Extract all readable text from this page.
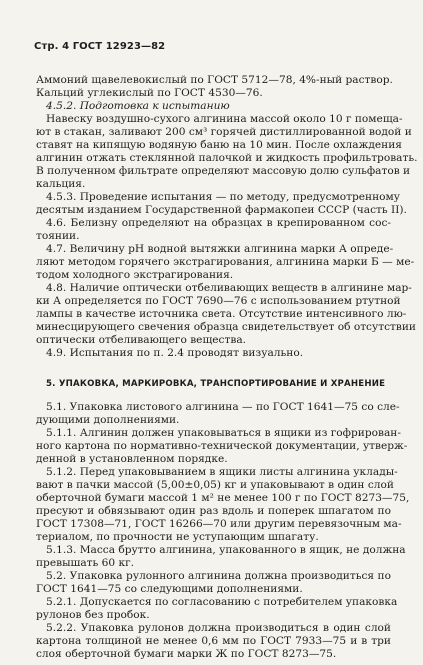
Стр. 4 ГОСТ 12923—82
Аммоний щавелевокислый по ГОСТ 5712—78, 4%-ный раствор.
Кальций углекислый по ГОСТ 4530—76.
4.5.2. Подготовка к испытанию
Навеску воздушно-сухого алгинина массой около 10 г помеща-
ют в стакан, заливают 200 см³ горячей дистиллированной водой и
ставят на кипящую водяную баню на 10 мин. После охлаждения
алгинин отжать стеклянной палочкой и жидкость профильтровать.
В полученном фильтрате определяют массовую долю сульфатов и
кальция.
4.5.3. Проведение испытания — по методу, предусмотренному
десятым изданием Государственной фармакопеи СССР (часть II).
4.6. Белизну определяют на образцах в крепированном сос-
тоянии.
4.7. Величину pH водной вытяжки алгинина марки А опреде-
ляют методом горячего экстрагирования, алгинина марки Б — ме-
тодом холодного экстрагирования.
4.8. Наличие оптически отбеливающих веществ в алгинине мар-
ки А определяется по ГОСТ 7690—76 с использованием ртутной
лампы в качестве источника света. Отсутствие интенсивного лю-
минесцирующего свечения образца свидетельствует об отсутствии
оптически отбеливающего вещества.
4.9. Испытания по п. 2.4 проводят визуально.
5. УПАКОВКА, МАРКИРОВКА, ТРАНСПОРТИРОВАНИЕ И ХРАНЕНИЕ
5.1. Упаковка листового алгинина — по ГОСТ 1641—75 со сле-
дующими дополнениями.
5.1.1. Алгинин должен упаковываться в ящики из гофрирован-
ного картона по нормативно-технической документации, утверж-
денной в установленном порядке.
5.1.2. Перед упаковыванием в ящики листы алгинина уклады-
вают в пачки массой (5,00±0,05) кг и упаковывают в один слой
оберточной бумаги массой 1 м² не менее 100 г по ГОСТ 8273—75,
пресуют и обвязывают один раз вдоль и поперек шпагатом по
ГОСТ 17308—71, ГОСТ 16266—70 или другим перевязочным ма-
териалом, по прочности не уступающим шпагату.
5.1.3. Масса брутто алгинина, упакованного в ящик, не должна
превышать 60 кг.
5.2. Упаковка рулонного алгинина должна производиться по
ГОСТ 1641—75 со следующими дополнениями.
5.2.1. Допускается по согласованию с потребителем упаковка
рулонов без пробок.
5.2.2. Упаковка рулонов должна производиться в один слой
картона толщиной не менее 0,6 мм по ГОСТ 7933—75 и в три
слоя оберточной бумаги марки Ж по ГОСТ 8273—75.
